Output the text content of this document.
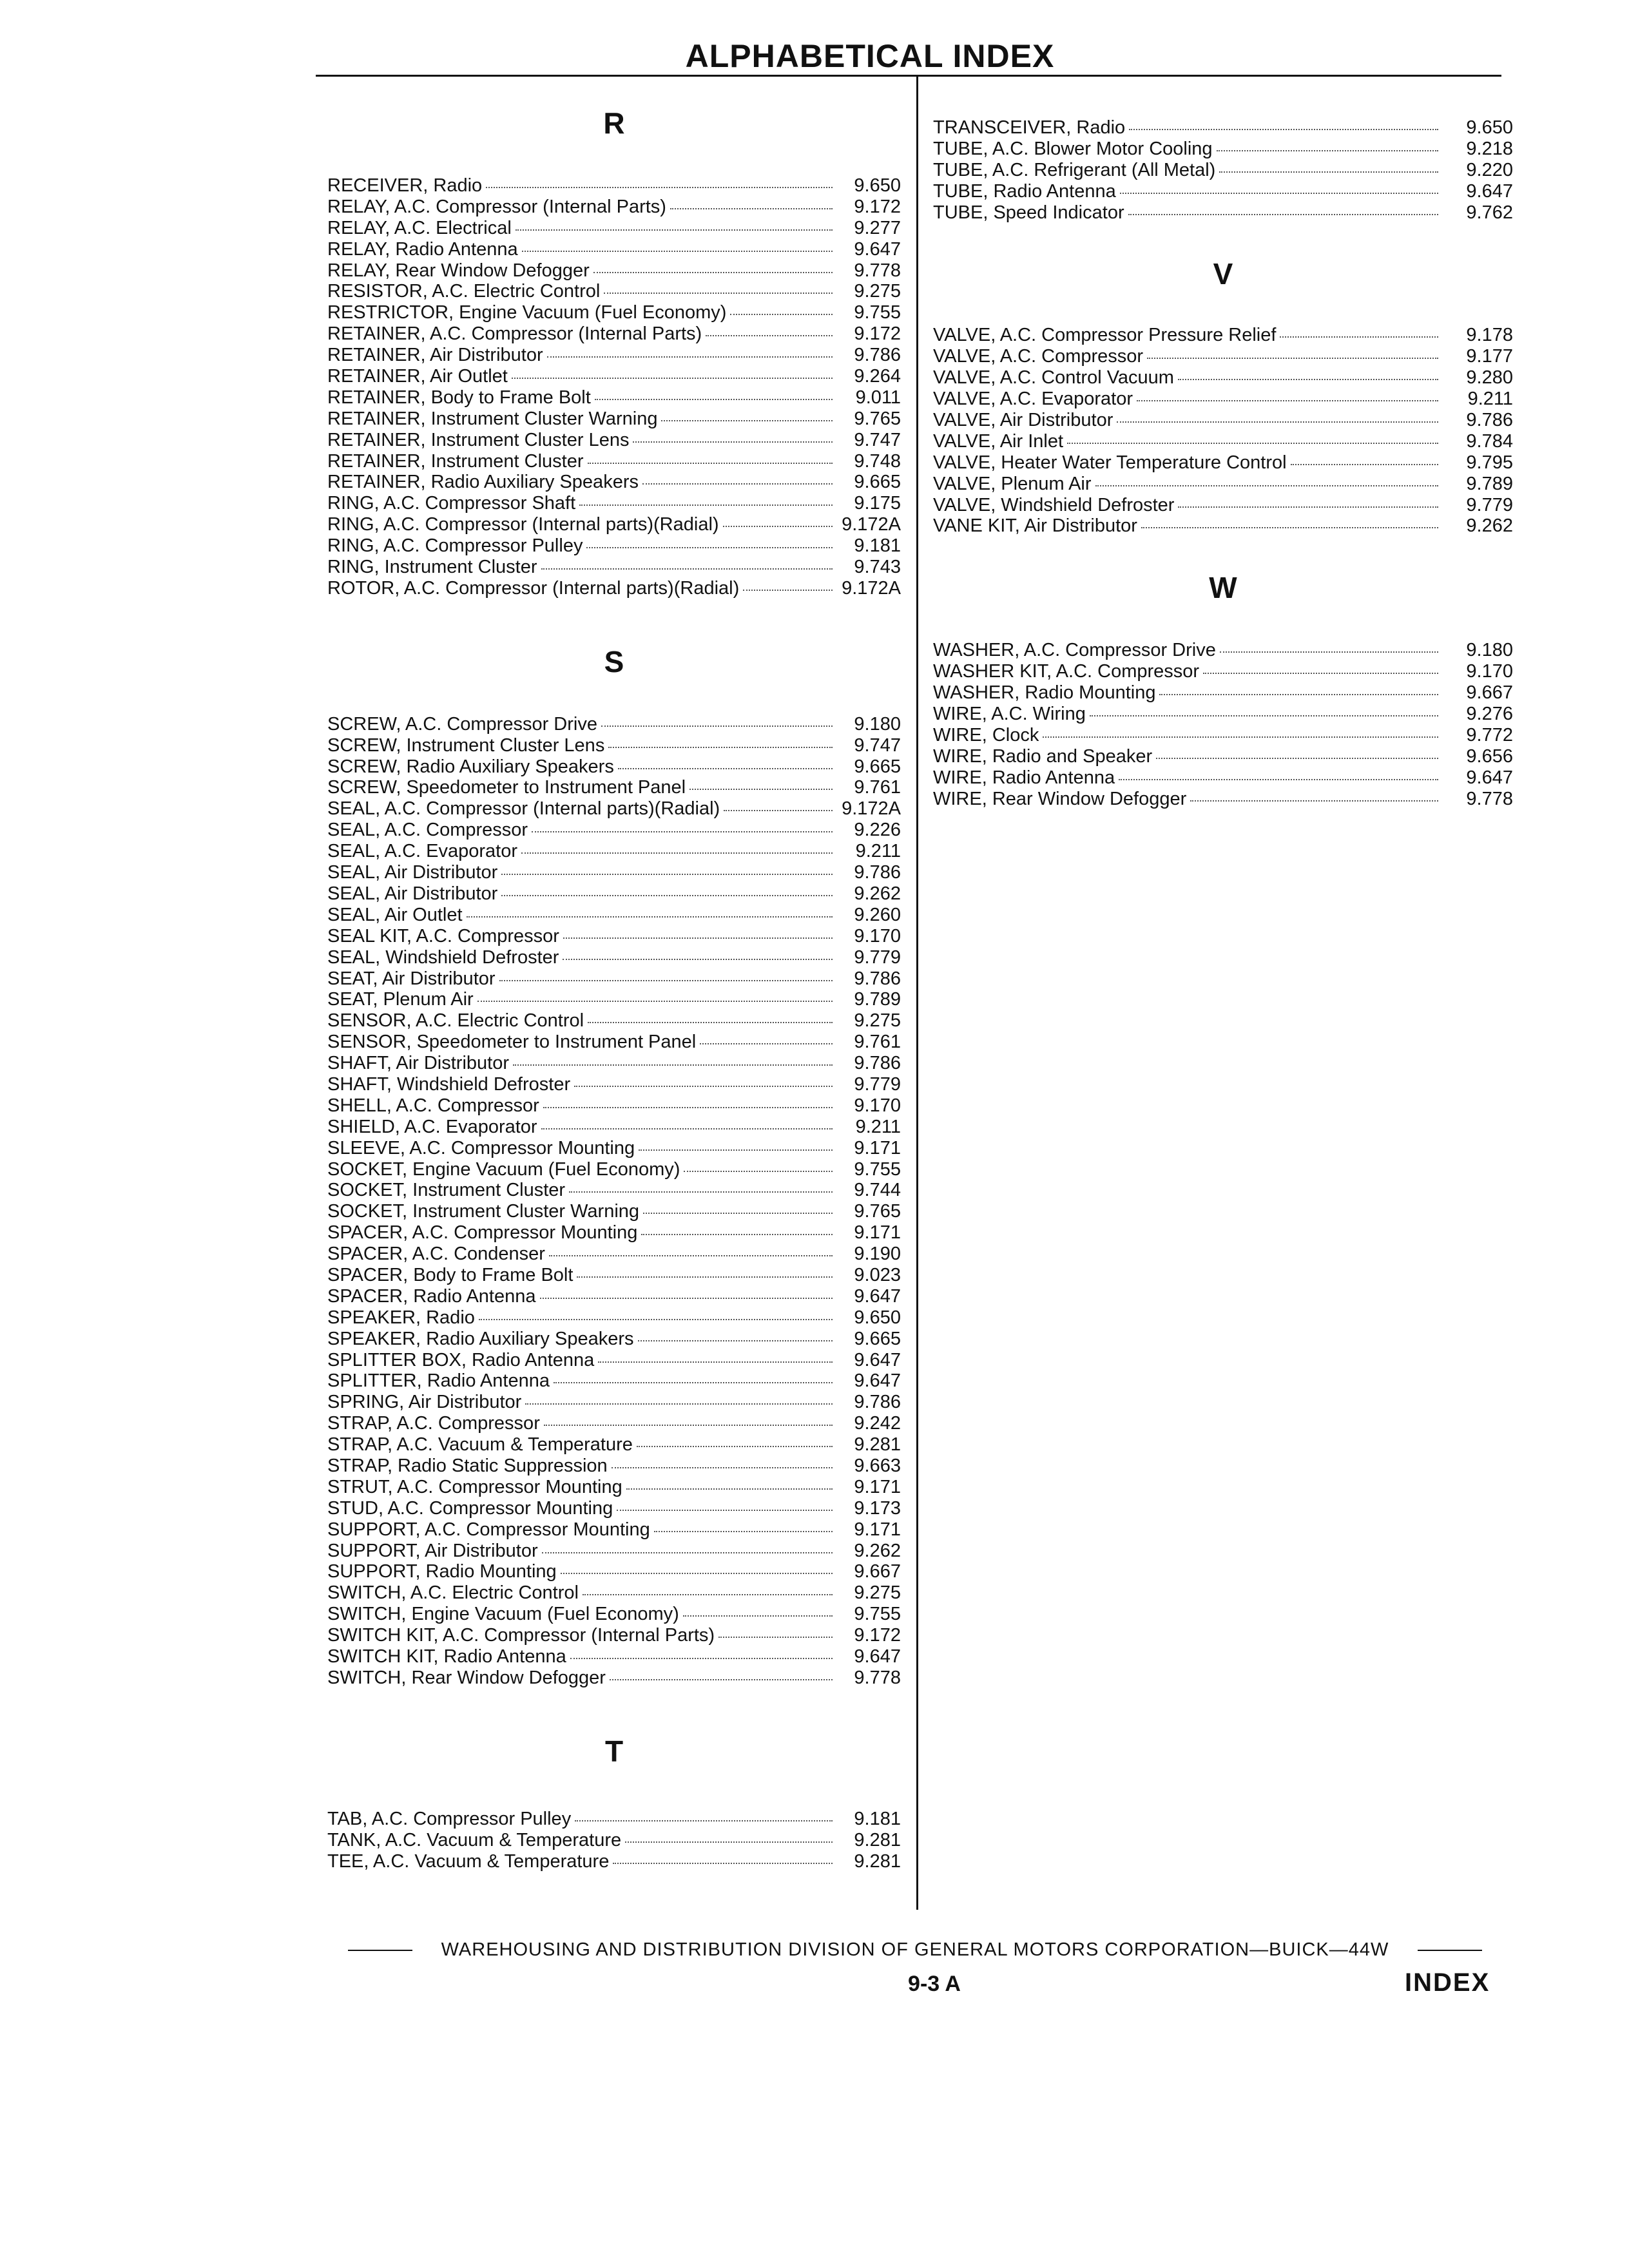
ALPHABETICAL INDEX
R
RECEIVER, Radio	9.650
RELAY, A.C. Compressor (Internal Parts)	9.172
RELAY, A.C. Electrical	9.277
RELAY, Radio Antenna	9.647
RELAY, Rear Window Defogger	9.778
RESISTOR, A.C. Electric Control	9.275
RESTRICTOR, Engine Vacuum (Fuel Economy)	9.755
RETAINER, A.C. Compressor (Internal Parts)	9.172
RETAINER, Air Distributor	9.786
RETAINER, Air Outlet	9.264
RETAINER, Body to Frame Bolt	9.011
RETAINER, Instrument Cluster Warning	9.765
RETAINER, Instrument Cluster Lens	9.747
RETAINER, Instrument Cluster	9.748
RETAINER, Radio Auxiliary Speakers	9.665
RING, A.C. Compressor Shaft	9.175
RING, A.C. Compressor (Internal parts)(Radial)	9.172A
RING, A.C. Compressor Pulley	9.181
RING, Instrument Cluster	9.743
ROTOR, A.C. Compressor (Internal parts)(Radial)	9.172A
S
SCREW, A.C. Compressor Drive	9.180
SCREW, Instrument Cluster Lens	9.747
SCREW, Radio Auxiliary Speakers	9.665
SCREW, Speedometer to Instrument Panel	9.761
SEAL, A.C. Compressor (Internal parts)(Radial)	9.172A
SEAL, A.C. Compressor	9.226
SEAL, A.C. Evaporator	9.211
SEAL, Air Distributor	9.786
SEAL, Air Distributor	9.262
SEAL, Air Outlet	9.260
SEAL KIT, A.C. Compressor	9.170
SEAL, Windshield Defroster	9.779
SEAT, Air Distributor	9.786
SEAT, Plenum Air	9.789
SENSOR, A.C. Electric Control	9.275
SENSOR, Speedometer to Instrument Panel	9.761
SHAFT, Air Distributor	9.786
SHAFT, Windshield Defroster	9.779
SHELL, A.C. Compressor	9.170
SHIELD, A.C. Evaporator	9.211
SLEEVE, A.C. Compressor Mounting	9.171
SOCKET, Engine Vacuum (Fuel Economy)	9.755
SOCKET, Instrument Cluster	9.744
SOCKET, Instrument Cluster Warning	9.765
SPACER, A.C. Compressor Mounting	9.171
SPACER, A.C. Condenser	9.190
SPACER, Body to Frame Bolt	9.023
SPACER, Radio Antenna	9.647
SPEAKER, Radio	9.650
SPEAKER, Radio Auxiliary Speakers	9.665
SPLITTER BOX, Radio Antenna	9.647
SPLITTER, Radio Antenna	9.647
SPRING, Air Distributor	9.786
STRAP, A.C. Compressor	9.242
STRAP, A.C. Vacuum & Temperature	9.281
STRAP, Radio Static Suppression	9.663
STRUT, A.C. Compressor Mounting	9.171
STUD, A.C. Compressor Mounting	9.173
SUPPORT, A.C. Compressor Mounting	9.171
SUPPORT, Air Distributor	9.262
SUPPORT, Radio Mounting	9.667
SWITCH, A.C. Electric Control	9.275
SWITCH, Engine Vacuum (Fuel Economy)	9.755
SWITCH KIT, A.C. Compressor (Internal Parts)	9.172
SWITCH KIT, Radio Antenna	9.647
SWITCH, Rear Window Defogger	9.778
T
TAB, A.C. Compressor Pulley	9.181
TANK, A.C. Vacuum & Temperature	9.281
TEE, A.C. Vacuum & Temperature	9.281
TRANSCEIVER, Radio	9.650
TUBE, A.C. Blower Motor Cooling	9.218
TUBE, A.C. Refrigerant (All Metal)	9.220
TUBE, Radio Antenna	9.647
TUBE, Speed Indicator	9.762
V
VALVE, A.C. Compressor Pressure Relief	9.178
VALVE, A.C. Compressor	9.177
VALVE, A.C. Control Vacuum	9.280
VALVE, A.C. Evaporator	9.211
VALVE, Air Distributor	9.786
VALVE, Air Inlet	9.784
VALVE, Heater Water Temperature Control	9.795
VALVE, Plenum Air	9.789
VALVE, Windshield Defroster	9.779
VANE KIT, Air Distributor	9.262
W
WASHER, A.C. Compressor Drive	9.180
WASHER KIT, A.C. Compressor	9.170
WASHER, Radio Mounting	9.667
WIRE, A.C. Wiring	9.276
WIRE, Clock	9.772
WIRE, Radio and Speaker	9.656
WIRE, Radio Antenna	9.647
WIRE, Rear Window Defogger	9.778
WAREHOUSING AND DISTRIBUTION DIVISION OF GENERAL MOTORS CORPORATION—BUICK—44W
9-3 A	INDEX
